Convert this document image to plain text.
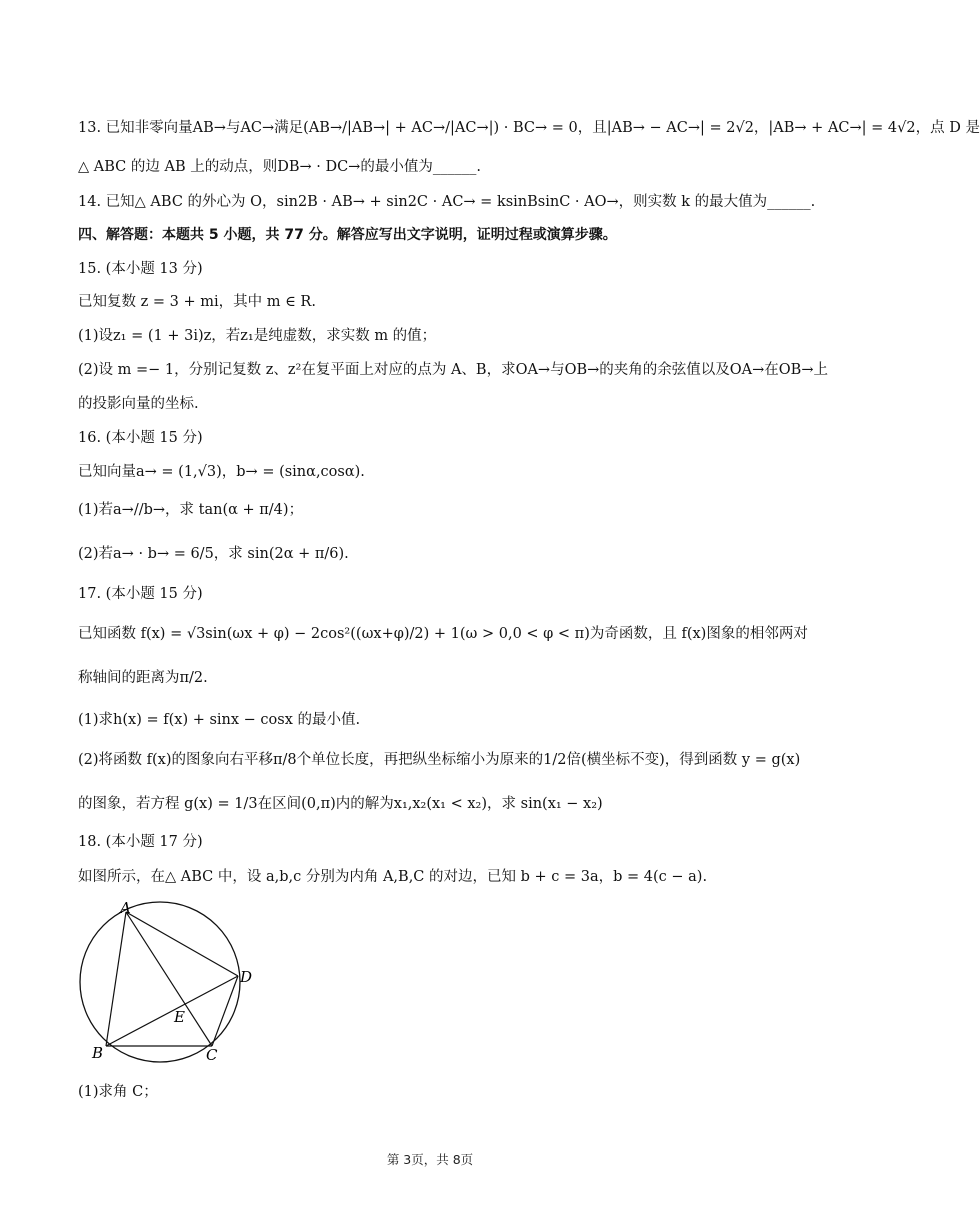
13. 已知非零向量AB→与AC→满足(AB→/|AB→| + AC→/|AC→|) · BC→ = 0，且|AB→ − AC→| = 2√2，|AB→ + AC→| = 4√2，点 D 是
△ ABC 的边 AB 上的动点，则DB→ · DC→的最小值为______.
14. 已知△ ABC 的外心为 O，sin2B · AB→ + sin2C · AC→ = ksinBsinC · AO→，则实数 k 的最大值为______.
四、解答题：本题共 5 小题，共 77 分。解答应写出文字说明，证明过程或演算步骤。
15. (本小题 13 分)
已知复数 z = 3 + mi，其中 m ∈ R.
(1)设z₁ = (1 + 3i)z，若z₁是纯虚数，求实数 m 的值；
(2)设 m =− 1，分别记复数 z、z²在复平面上对应的点为 A、B，求OA→与OB→的夹角的余弦值以及OA→在OB→上
的投影向量的坐标.
16. (本小题 15 分)
已知向量a→ = (1,√3)，b→ = (sinα,cosα).
(1)若a→//b→，求 tan(α + π/4)；
(2)若a→ · b→ = 6/5，求 sin(2α + π/6).
17. (本小题 15 分)
已知函数 f(x) = √3sin(ωx + φ) − 2cos²((ωx+φ)/2) + 1(ω > 0,0 < φ < π)为奇函数，且 f(x)图象的相邻两对
称轴间的距离为π/2.
(1)求h(x) = f(x) + sinx − cosx 的最小值.
(2)将函数 f(x)的图象向右平移π/8个单位长度，再把纵坐标缩小为原来的1/2倍(横坐标不变)，得到函数 y = g(x)
的图象，若方程 g(x) = 1/3在区间(0,π)内的解为x₁,x₂(x₁ < x₂)，求 sin(x₁ − x₂)
18. (本小题 17 分)
如图所示，在△ ABC 中，设 a,b,c 分别为内角 A,B,C 的对边，已知 b + c = 3a，b = 4(c − a).
A
B	C
D
E
(1)求角 C；
第 3页，共 8页
